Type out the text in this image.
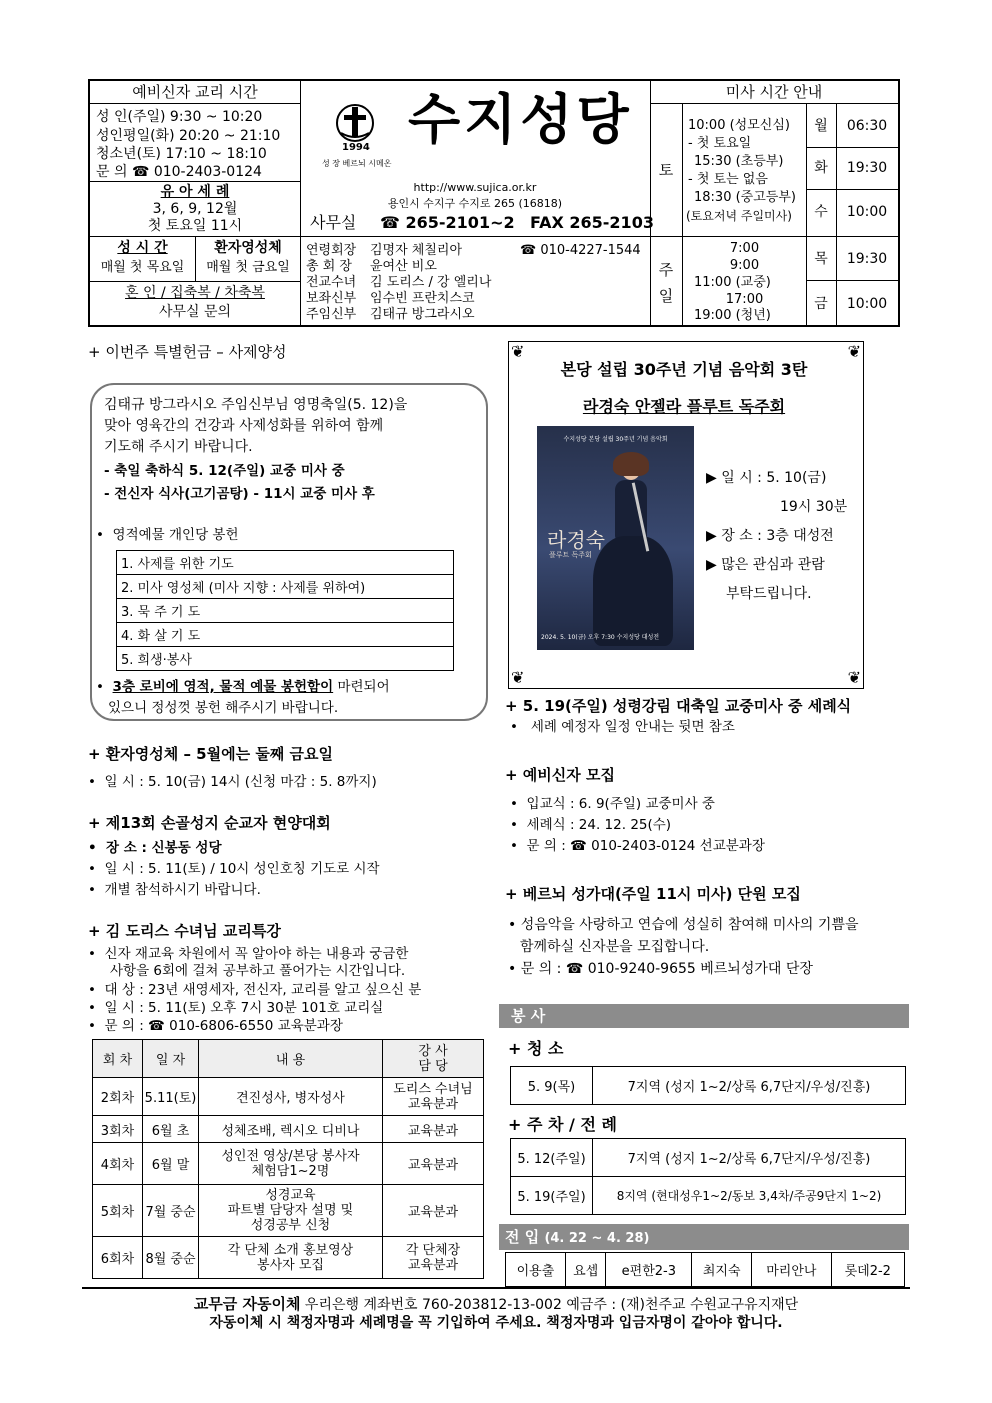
예비신자 교리 시간
성 인(주일) 9:30 ~ 10:20
성인평일(화) 20:20 ~ 21:10
청소년(토) 17:10 ~ 18:10
문 의 ☎ 010-2403-0124
유 아 세 례
3, 6, 9, 12월
첫 토요일 11시
성 시 간
매월 첫 목요일
환자영성체
매월 첫 금요일
혼 인 / 집축복 / 차축복
사무실 문의
1994
성 장 베르뇌 시메온
수지성당
http://www.sujica.or.kr
용인시 수지구 수지로 265 (16818)
사무실 ☎ 265-2101~2 FAX 265-2103
연령회장 김명자 체칠리아	☎ 010-4227-1544
총 회 장 윤여산 비오
전교수녀 김 도리스 / 강 엘리나
보좌신부 임수빈 프란치스코
주임신부 김태규 방그라시오
미사 시간 안내
토
10:00 (성모신심)
- 첫 토요일
15:30 (초등부)
- 첫 토는 없음
18:30 (중고등부)
(토요저녁 주일미사)
주
일
7:00
9:00
11:00 (교중)
17:00
19:00 (청년)
월	06:30
화	19:30
수	10:00
목	19:30
금	10:00
+ 이번주 특별헌금 – 사제양성
김태규 방그라시오 주임신부님 영명축일(5. 12)을
맞아 영육간의 건강과 사제성화를 위하여 함께
기도해 주시기 바랍니다.
- 축일 축하식 5. 12(주일) 교중 미사 중
- 전신자 식사(고기곰탕) - 11시 교중 미사 후
•  영적예물 개인당 봉헌
1. 사제를 위한 기도
2. 미사 영성체 (미사 지향 : 사제를 위하여)
3. 묵 주 기 도
4. 화 살 기 도
5. 희생·봉사
•  3층 로비에 영적, 물적 예물 봉헌함이 마련되어
있으니 정성껏 봉헌 해주시기 바랍니다.
+ 환자영성체 – 5월에는 둘째 금요일
•  일 시 : 5. 10(금) 14시 (신청 마감 : 5. 8까지)
+ 제13회 손골성지 순교자 현양대회
•  장 소 : 신봉동 성당
•  일 시 : 5. 11(토) / 10시 성인호칭 기도로 시작
•  개별 참석하시기 바랍니다.
+ 김 도리스 수녀님 교리특강
•  신자 재교육 차원에서 꼭 알아야 하는 내용과 궁금한
사항을 6회에 걸쳐 공부하고 풀어가는 시간입니다.
•  대 상 : 23년 새영세자, 전신자, 교리를 알고 싶으신 분
•  일 시 : 5. 11(토) 오후 7시 30분 101호 교리실
•  문 의 : ☎ 010-6806-6550 교육분과장
회 차	일 자	내 용	강 사
담 당
2회차	5.11(토)	견진성사, 병자성사	도리스 수녀님
교육분과
3회차	6월 초	성체조배, 렉시오 디비나	교육분과
4회차	6월 말	성인전 영상/본당 봉사자
체험담1~2명	교육분과
5회차	7월 중순	성경교육
파트별 담당자 설명 및
성경공부 신청	교육분과
6회차	8월 중순	각 단체 소개 홍보영상
봉사자 모집	각 단체장
교육분과
❦	❦
❦	❦
본당 설립 30주년 기념 음악회 3탄
라경숙 안젤라 플루트 독주회
수지성당 본당 설립 30주년 기념 음악회
라경숙
플루트 독주회
2024. 5. 10(금) 오후 7:30 수지성당 대성전
▶ 일 시 : 5. 10(금)
19시 30분
▶ 장 소 : 3층 대성전
▶ 많은 관심과 관람
부탁드립니다.
+ 5. 19(주일) 성령강림 대축일 교중미사 중 세례식
•   세례 예정자 일정 안내는 뒷면 참조
+ 예비신자 모집
•  입교식 : 6. 9(주일) 교중미사 중
•  세례식 : 24. 12. 25(수)
•  문 의 : ☎ 010-2403-0124 선교분과장
+ 베르뇌 성가대(주일 11시 미사) 단원 모집
• 성음악을 사랑하고 연습에 성실히 참여해 미사의 기쁨을
함께하실 신자분을 모집합니다.
• 문 의 : ☎ 010-9240-9655 베르뇌성가대 단장
봉 사
+ 청 소
5. 9(목)	7지역 (성지 1~2/상록 6,7단지/우성/진흥)
+ 주 차 / 전 례
5. 12(주일)	7지역 (성지 1~2/상록 6,7단지/우성/진흥)
5. 19(주일)	8지역 (현대성우1~2/동보 3,4차/주공9단지 1~2)
전 입 (4. 22 ~ 4. 28)
이용출	요셉	e편한2-3	최지숙	마리안나	롯데2-2
교무금 자동이체 우리은행 계좌번호 760-203812-13-002 예금주 : (재)천주교 수원교구유지재단
자동이체 시 책정자명과 세례명을 꼭 기입하여 주세요. 책정자명과 입금자명이 같아야 합니다.
